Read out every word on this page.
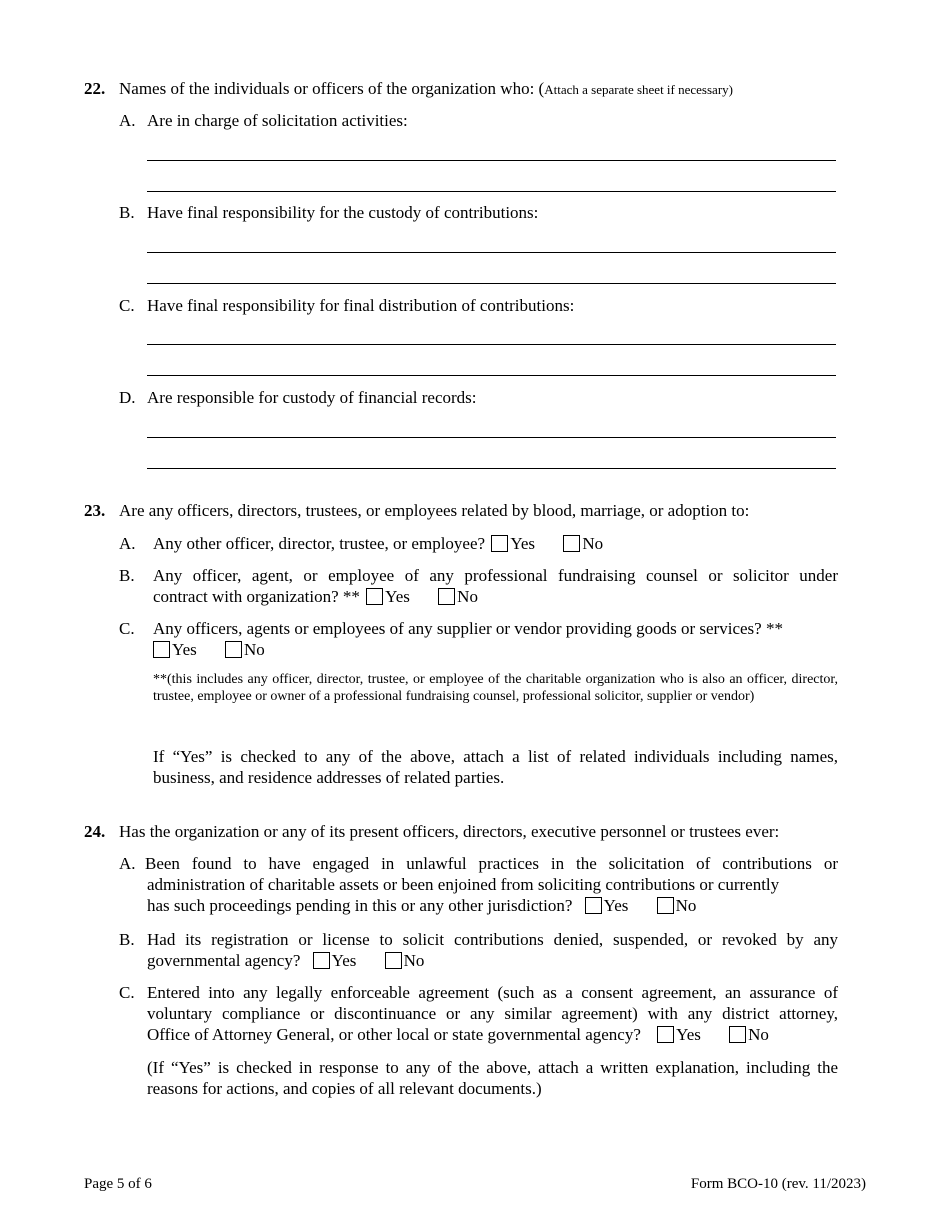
22. Names of the individuals or officers of the organization who: (Attach a separate sheet if necessary)
A. Are in charge of solicitation activities:
B. Have final responsibility for the custody of contributions:
C. Have final responsibility for final distribution of contributions:
D. Are responsible for custody of financial records:
23. Are any officers, directors, trustees, or employees related by blood, marriage, or adoption to:
A. Any other officer, director, trustee, or employee? Yes	No
B. Any officer, agent, or employee of any professional fundraising counsel or solicitor under
contract with organization? ** Yes	No
C. Any officers, agents or employees of any supplier or vendor providing goods or services? **
Yes	No
**(this includes any officer, director, trustee, or employee of the charitable organization who is also an officer, director, trustee, employee or owner of a professional fundraising counsel, professional solicitor, supplier or vendor)
If “Yes” is checked to any of the above, attach a list of related individuals including names, business, and residence addresses of related parties.
24. Has the organization or any of its present officers, directors, executive personnel or trustees ever:
A. Been found to have engaged in unlawful practices in the solicitation of contributions or
administration of charitable assets or been enjoined from soliciting contributions or currently
has such proceedings pending in this or any other jurisdiction? Yes	No
B. Had its registration or license to solicit contributions denied, suspended, or revoked by any
governmental agency? Yes	No
C. Entered into any legally enforceable agreement (such as a consent agreement, an assurance of
voluntary compliance or discontinuance or any similar agreement) with any district attorney,
Office of Attorney General, or other local or state governmental agency? Yes	No
(If “Yes” is checked in response to any of the above, attach a written explanation, including the reasons for actions, and copies of all relevant documents.)
Page 5 of 6	Form BCO-10 (rev. 11/2023)
